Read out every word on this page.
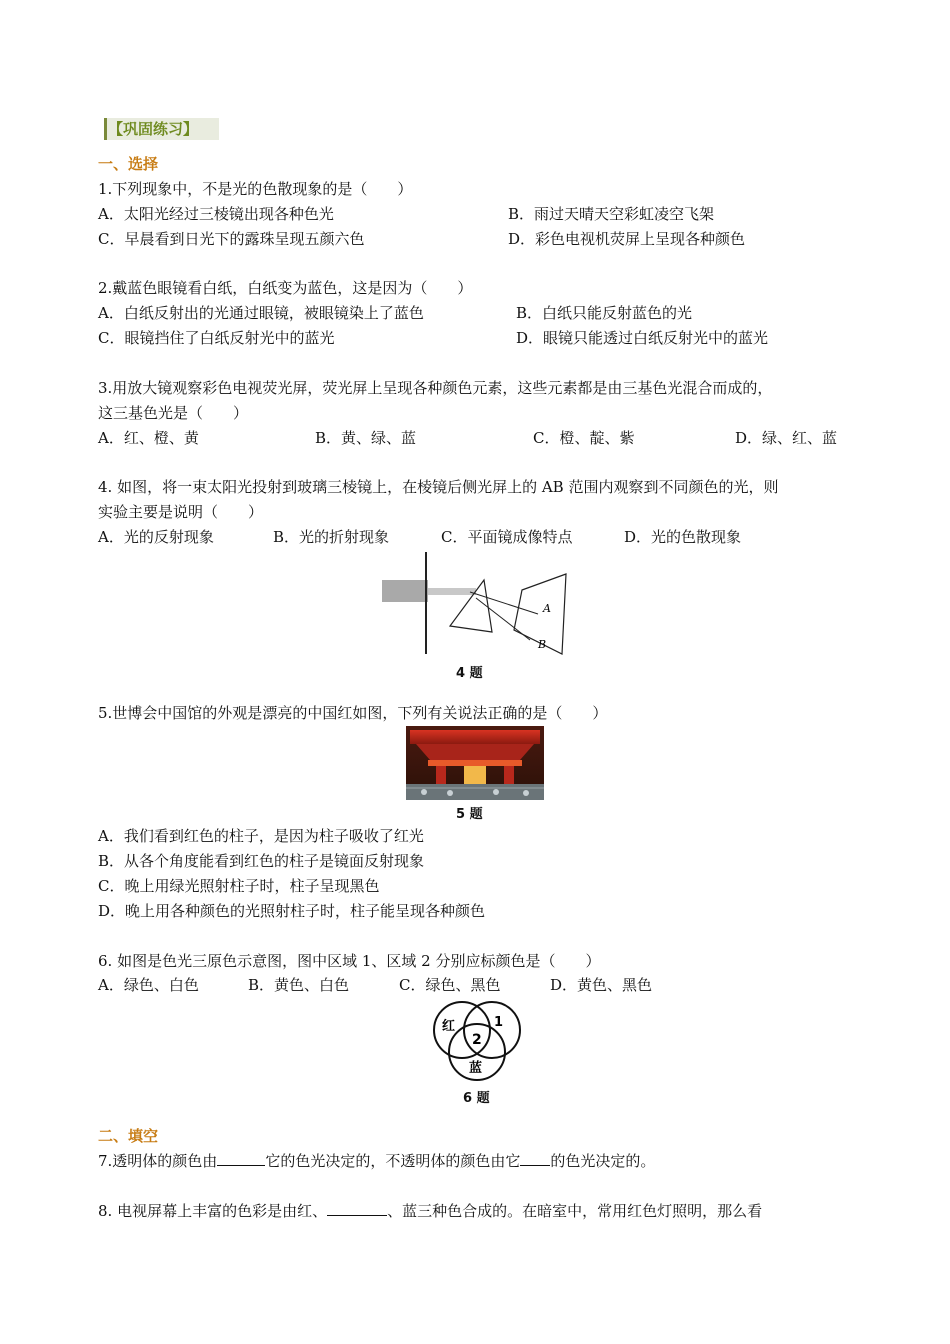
【巩固练习】
一、选择
1.下列现象中，不是光的色散现象的是（　　）
A．太阳光经过三棱镜出现各种色光	B．雨过天晴天空彩虹凌空飞架
C．早晨看到日光下的露珠呈现五颜六色	D．彩色电视机荧屏上呈现各种颜色
2.戴蓝色眼镜看白纸，白纸变为蓝色，这是因为（　　）
A．白纸反射出的光通过眼镜，被眼镜染上了蓝色	B．白纸只能反射蓝色的光
C．眼镜挡住了白纸反射光中的蓝光	D．眼镜只能透过白纸反射光中的蓝光
3.用放大镜观察彩色电视荧光屏，荧光屏上呈现各种颜色元素，这些元素都是由三基色光混合而成的，
这三基色光是（　　）
A．红、橙、黄	B．黄、绿、蓝	C．橙、靛、紫	D．绿、红、蓝
4. 如图，将一束太阳光投射到玻璃三棱镜上，在棱镜后侧光屏上的 AB 范围内观察到不同颜色的光，则
实验主要是说明（　　）
A．光的反射现象	B．光的折射现象	C．平面镜成像特点	D．光的色散现象
A
B
4 题
5.世博会中国馆的外观是漂亮的中国红如图，下列有关说法正确的是（　　）
5 题
A．我们看到红色的柱子，是因为柱子吸收了红光
B．从各个角度能看到红色的柱子是镜面反射现象
C．晚上用绿光照射柱子时，柱子呈现黑色
D．晚上用各种颜色的光照射柱子时，柱子能呈现各种颜色
6. 如图是色光三原色示意图，图中区域 1、区域 2 分别应标颜色是（　　）
A．绿色、白色	B．黄色、白色	C．绿色、黑色	D．黄色、黑色
红	1
2
蓝
6 题
二、填空
7.透明体的颜色由	它的色光决定的，不透明体的颜色由它 的色光决定的。
8. 电视屏幕上丰富的色彩是由红、	、蓝三种色合成的。在暗室中，常用红色灯照明，那么看
